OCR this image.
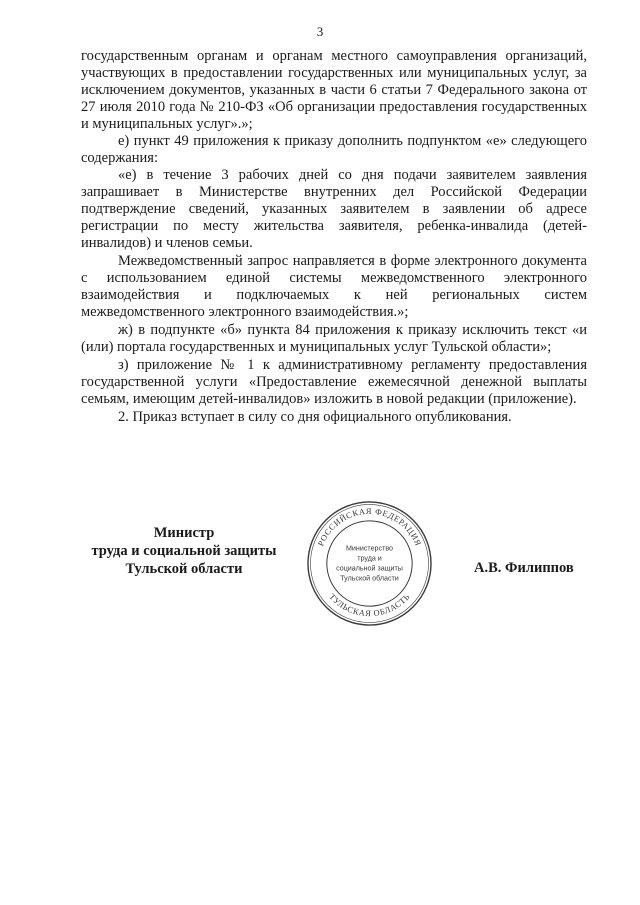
3

государственным органам и органам местного самоуправления организаций, участвующих в предоставлении государственных или муниципальных услуг, за исключением документов, указанных в части 6 статьи 7 Федерального закона от 27 июля 2010 года № 210-ФЗ «Об организации предоставления государственных и муниципальных услуг».»;

е) пункт 49 приложения к приказу дополнить подпунктом «е» следующего содержания:

«е) в течение 3 рабочих дней со дня подачи заявителем заявления запрашивает в Министерстве внутренних дел Российской Федерации подтверждение сведений, указанных заявителем в заявлении об адресе регистрации по месту жительства заявителя, ребенка-инвалида (детей-инвалидов) и членов семьи.

Межведомственный запрос направляется в форме электронного документа с использованием единой системы межведомственного электронного взаимодействия и подключаемых к ней региональных систем межведомственного электронного взаимодействия.»;

ж) в подпункте «б» пункта 84 приложения к приказу исключить текст «и (или) портала государственных и муниципальных услуг Тульской области»;

з) приложение № 1 к административному регламенту предоставления государственной услуги «Предоставление ежемесячной денежной выплаты семьям, имеющим детей-инвалидов» изложить в новой редакции (приложение).

2. Приказ вступает в силу со дня официального опубликования.

Министр
труда и социальной защиты
Тульской области
РОССИЙСКАЯ ФЕДЕРАЦИЯ
ТУЛЬСКАЯ ОБЛАСТЬ
Министерство
труда и
социальной защиты
Тульской области
А.В. Филиппов
